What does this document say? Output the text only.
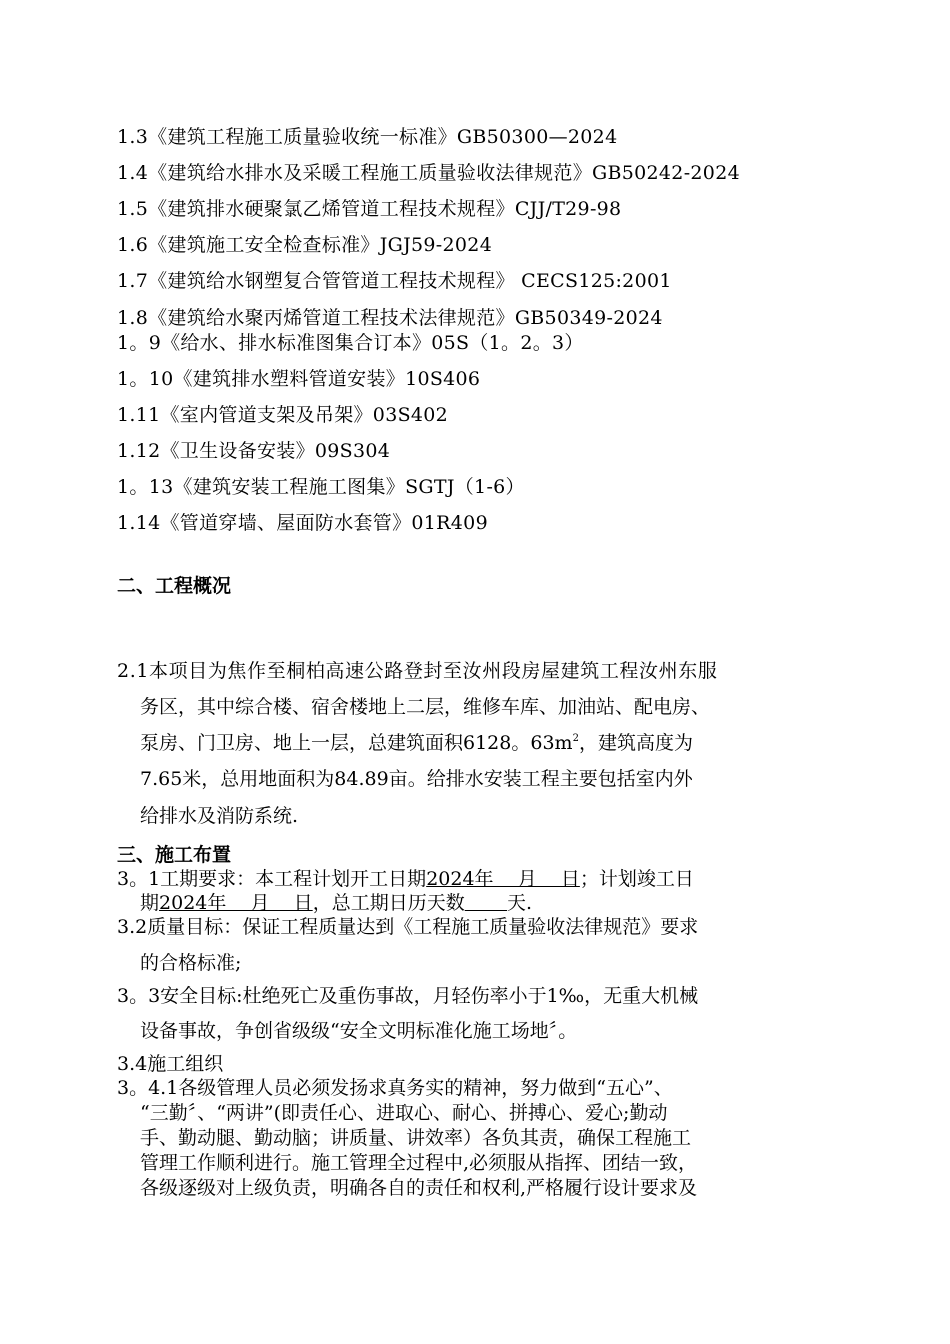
1.3《建筑工程施工质量验收统一标准》GB50300—2024
1.4《建筑给水排水及采暖工程施工质量验收法律规范》GB50242-2024
1.5《建筑排水硬聚氯乙烯管道工程技术规程》CJJ/T29-98
1.6《建筑施工安全检查标准》JGJ59-2024
1.7《建筑给水钢塑复合管管道工程技术规程》 CECS125:2001
1.8《建筑给水聚丙烯管道工程技术法律规范》GB50349-2024
1。9《给水、排水标准图集合订本》05S（1。2。3）
1。10《建筑排水塑料管道安装》10S406
1.11《室内管道支架及吊架》03S402
1.12《卫生设备安装》09S304
1。13《建筑安装工程施工图集》SGTJ（1-6）
1.14《管道穿墙、屋面防水套管》01R409
二、工程概况
2.1本项目为焦作至桐柏高速公路登封至汝州段房屋建筑工程汝州东服
务区，其中综合楼、宿舍楼地上二层，维修车库、加油站、配电房、
泵房、门卫房、地上一层，总建筑面积6128。$63m^2$，建筑高度为
7.65米，总用地面积为84.89亩。给排水安装工程主要包括室内外
给排水及消防系统.
三、施工布置
3。1工期要求：本工程计划开工日期2024年    月    日；计划竣工日
期2024年    月    日，总工期日历天数 天.
3.2质量目标：保证工程质量达到《工程施工质量验收法律规范》要求
的合格标准;
3。3安全目标:杜绝死亡及重伤事故，月轻伤率小于1‰，无重大机械
设备事故，争创省级级“安全文明标准化施工场地〞。
3.4施工组织
3。4.1各级管理人员必须发扬求真务实的精神，努力做到“五心”、
“三勤〞、“两讲”(即责任心、进取心、耐心、拼搏心、爱心;勤动
手、勤动腿、勤动脑；讲质量、讲效率）各负其责，确保工程施工
管理工作顺利进行。施工管理全过程中,必须服从指挥、团结一致，
各级逐级对上级负责，明确各自的责任和权利,严格履行设计要求及
